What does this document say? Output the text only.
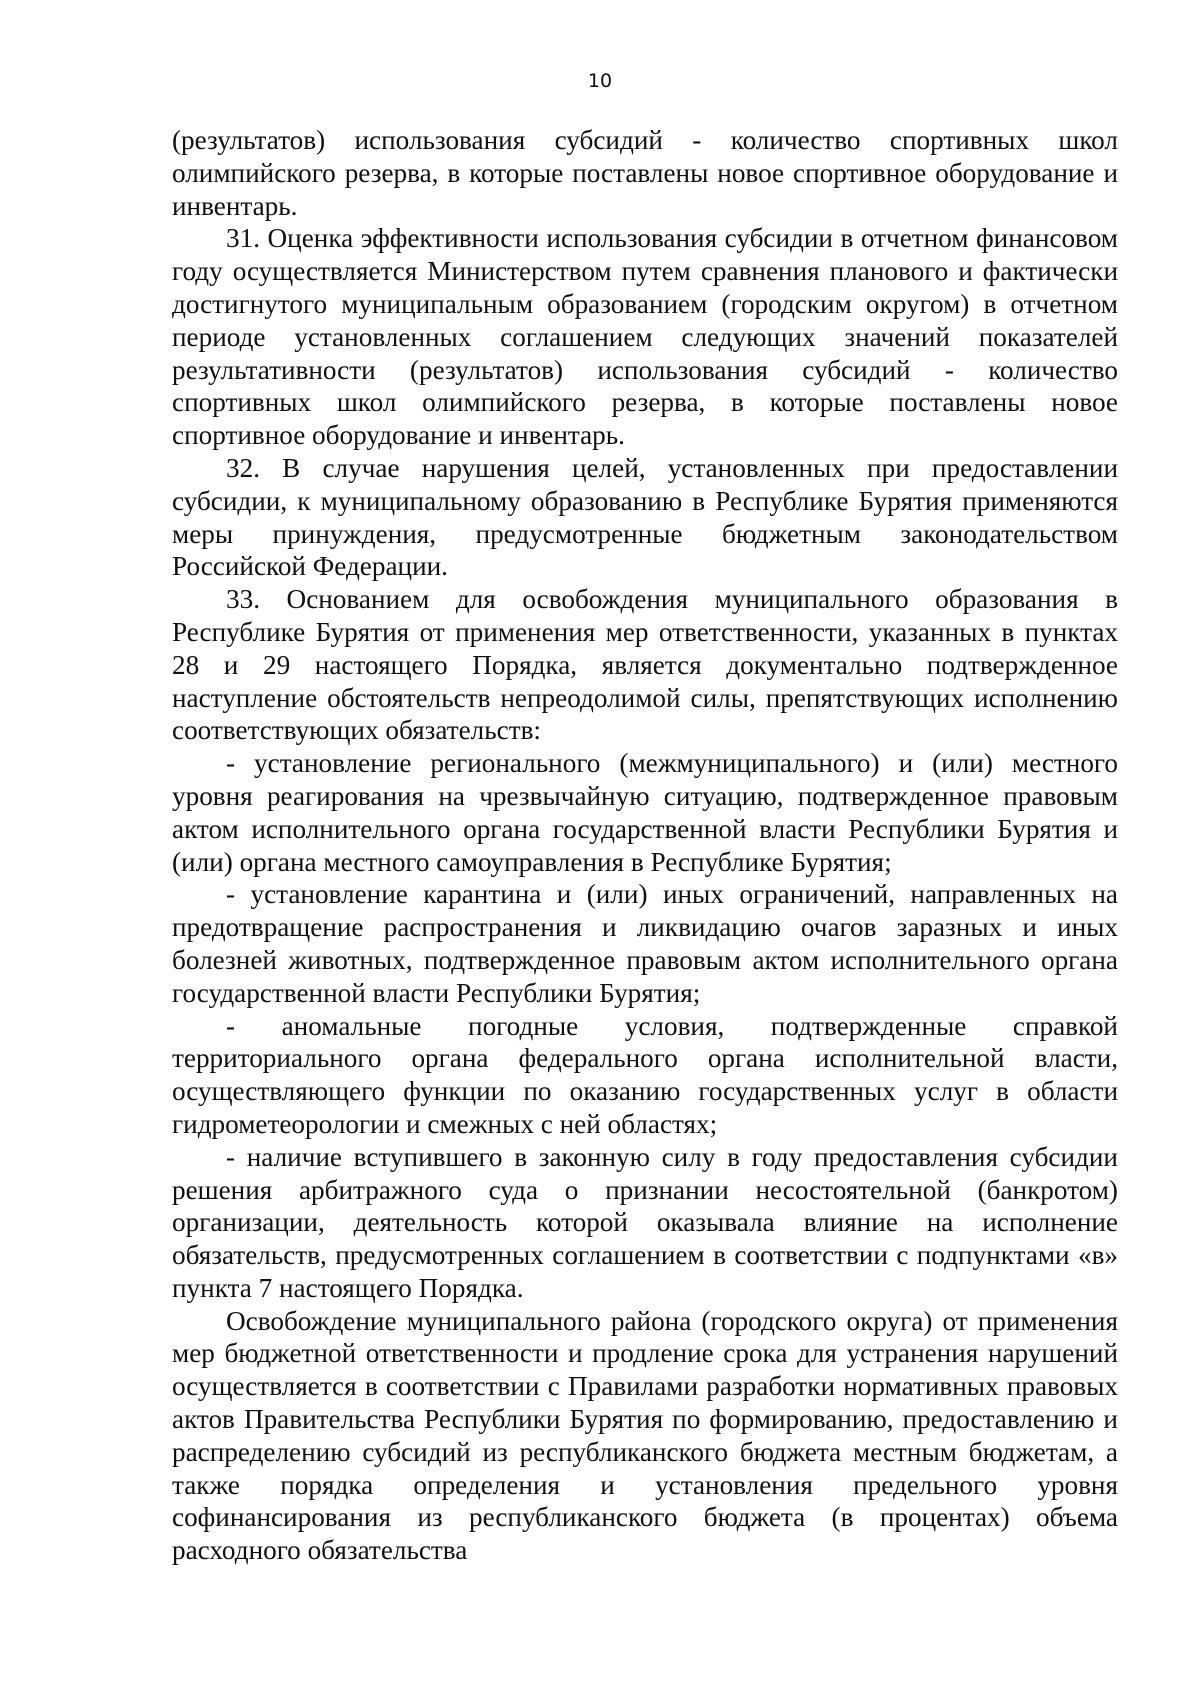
10

(результатов) использования субсидий - количество спортивных школ олимпийского резерва, в которые поставлены новое спортивное оборудование и инвентарь.

31. Оценка эффективности использования субсидии в отчетном финансовом году осуществляется Министерством путем сравнения планового и фактически достигнутого муниципальным образованием (городским округом) в отчетном периоде установленных соглашением следующих значений показателей результативности (результатов) использования субсидий - количество спортивных школ олимпийского резерва, в которые поставлены новое спортивное оборудование и инвентарь.

32. В случае нарушения целей, установленных при предоставлении субсидии, к муниципальному образованию в Республике Бурятия применяются меры принуждения, предусмотренные бюджетным законодательством Российской Федерации.

33. Основанием для освобождения муниципального образования в Республике Бурятия от применения мер ответственности, указанных в пунктах 28 и 29 настоящего Порядка, является документально подтвержденное наступление обстоятельств непреодолимой силы, препятствующих исполнению соответствующих обязательств:

- установление регионального (межмуниципального) и (или) местного уровня реагирования на чрезвычайную ситуацию, подтвержденное правовым актом исполнительного органа государственной власти Республики Бурятия и (или) органа местного самоуправления в Республике Бурятия;

- установление карантина и (или) иных ограничений, направленных на предотвращение распространения и ликвидацию очагов заразных и иных болезней животных, подтвержденное правовым актом исполнительного органа государственной власти Республики Бурятия;

- аномальные погодные условия, подтвержденные справкой территориального органа федерального органа исполнительной власти, осуществляющего функции по оказанию государственных услуг в области гидрометеорологии и смежных с ней областях;

- наличие вступившего в законную силу в году предоставления субсидии решения арбитражного суда о признании несостоятельной (банкротом) организации, деятельность которой оказывала влияние на исполнение обязательств, предусмотренных соглашением в соответствии с подпунктами «в» пункта 7 настоящего Порядка.

Освобождение муниципального района (городского округа) от применения мер бюджетной ответственности и продление срока для устранения нарушений осуществляется в соответствии с Правилами разработки нормативных правовых актов Правительства Республики Бурятия по формированию, предоставлению и распределению субсидий из республиканского бюджета местным бюджетам, а также порядка определения и установления предельного уровня софинансирования из республиканского бюджета (в процентах) объема расходного обязательства
